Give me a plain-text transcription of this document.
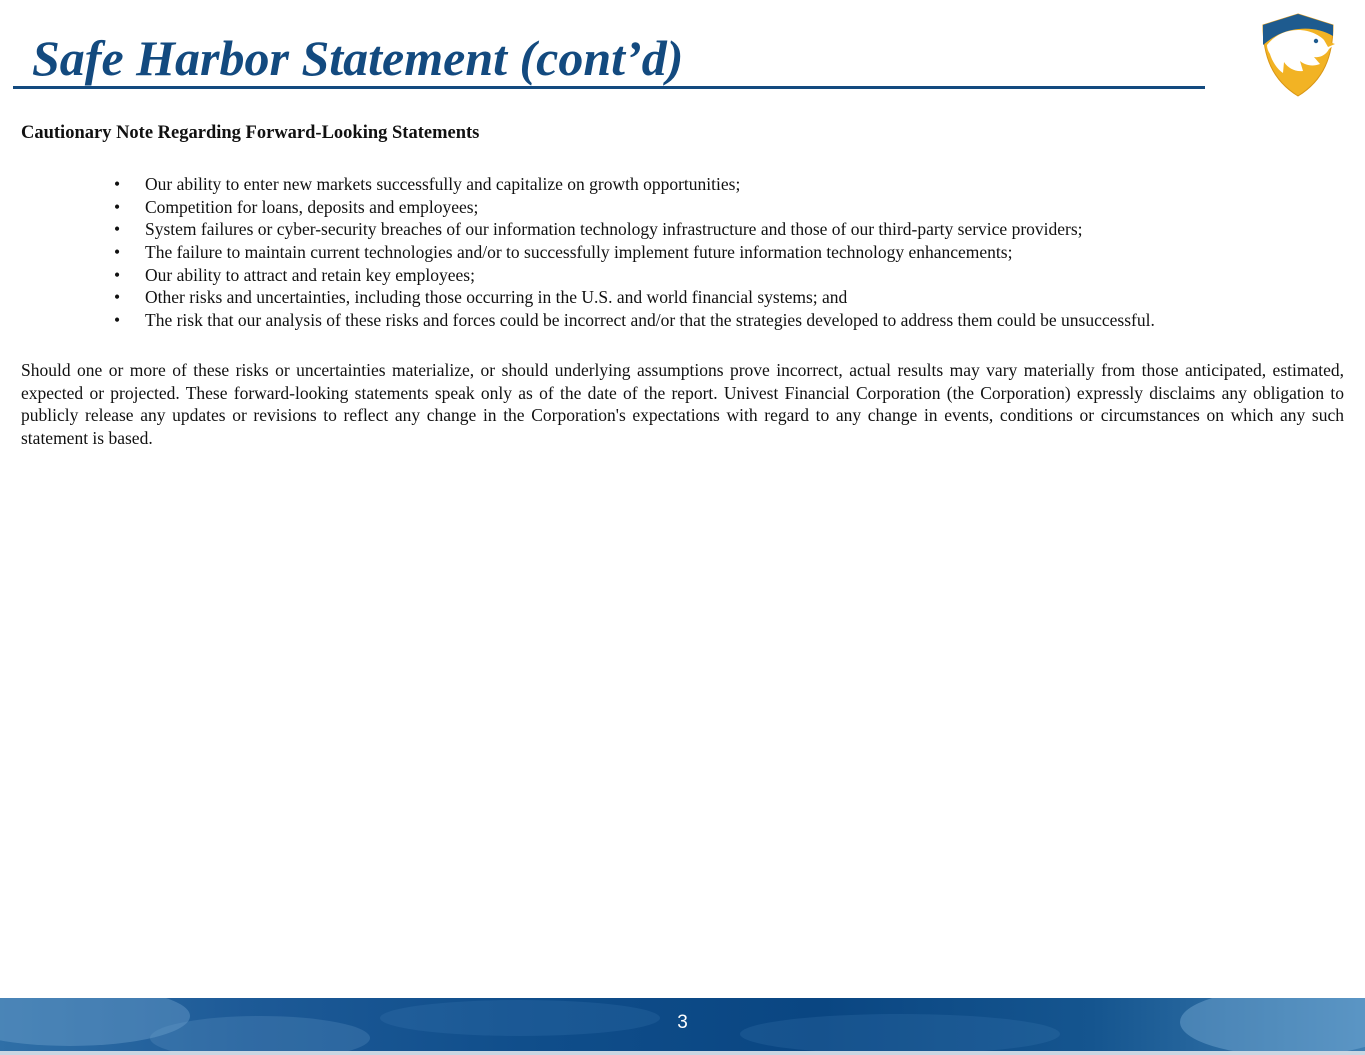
Safe Harbor Statement (cont’d)
Cautionary Note Regarding Forward-Looking Statements
• Our ability to enter new markets successfully and capitalize on growth opportunities;
• Competition for loans, deposits and employees;
• System failures or cyber-security breaches of our information technology infrastructure and those of our third-party service providers;
• The failure to maintain current technologies and/or to successfully implement future information technology enhancements;
• Our ability to attract and retain key employees;
• Other risks and uncertainties, including those occurring in the U.S. and world financial systems; and
• The risk that our analysis of these risks and forces could be incorrect and/or that the strategies developed to address them could be unsuccessful.

Should one or more of these risks or uncertainties materialize, or should underlying assumptions prove incorrect, actual results may vary materially from those anticipated, estimated, expected or projected. These forward-looking statements speak only as of the date of the report. Univest Financial Corporation (the Corporation) expressly disclaims any obligation to publicly release any updates or revisions to reflect any change in the Corporation's expectations with regard to any change in events, conditions or circumstances on which any such statement is based.

3
